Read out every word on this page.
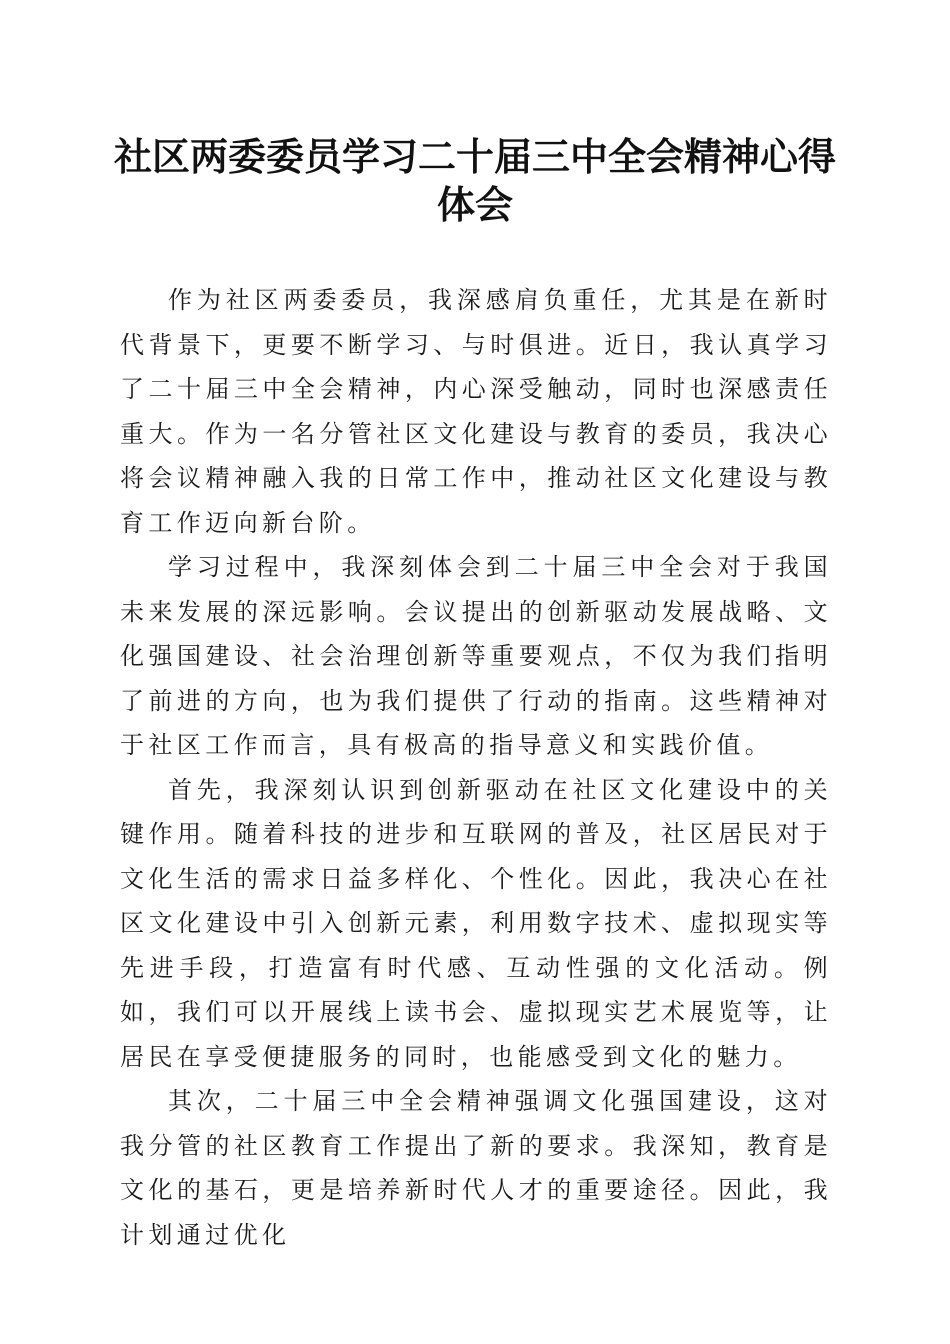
社区两委委员学习二十届三中全会精神心得体会

作为社区两委委员，我深感肩负重任，尤其是在新时代背景下，更要不断学习、与时俱进。近日，我认真学习了二十届三中全会精神，内心深受触动，同时也深感责任重大。作为一名分管社区文化建设与教育的委员，我决心将会议精神融入我的日常工作中，推动社区文化建设与教育工作迈向新台阶。

学习过程中，我深刻体会到二十届三中全会对于我国未来发展的深远影响。会议提出的创新驱动发展战略、文化强国建设、社会治理创新等重要观点，不仅为我们指明了前进的方向，也为我们提供了行动的指南。这些精神对于社区工作而言，具有极高的指导意义和实践价值。

首先，我深刻认识到创新驱动在社区文化建设中的关键作用。随着科技的进步和互联网的普及，社区居民对于文化生活的需求日益多样化、个性化。因此，我决心在社区文化建设中引入创新元素，利用数字技术、虚拟现实等先进手段，打造富有时代感、互动性强的文化活动。例如，我们可以开展线上读书会、虚拟现实艺术展览等，让居民在享受便捷服务的同时，也能感受到文化的魅力。

其次，二十届三中全会精神强调文化强国建设，这对我分管的社区教育工作提出了新的要求。我深知，教育是文化的基石，更是培养新时代人才的重要途径。因此，我计划通过优化
